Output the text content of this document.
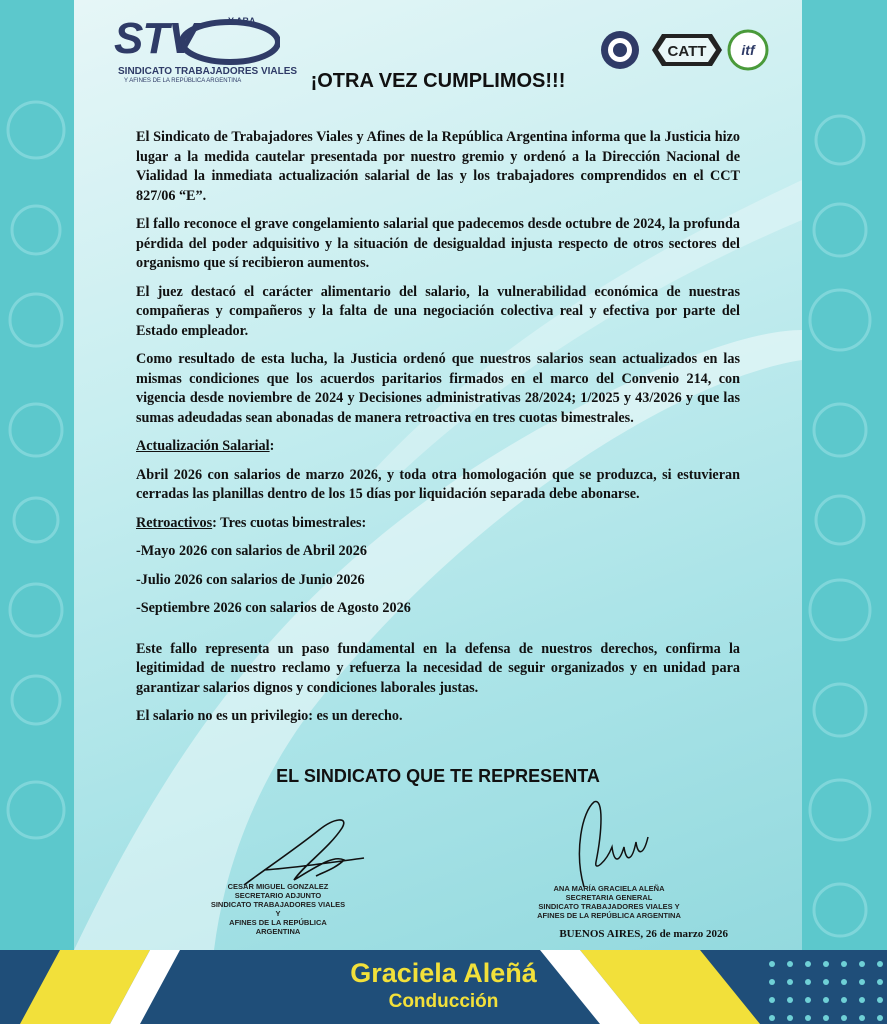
STV	Y ABA
SINDICATO TRABAJADORES VIALES
Y AFINES DE LA REPÚBLICA ARGENTINA
CATT itf
¡OTRA VEZ CUMPLIMOS!!!

El Sindicato de Trabajadores Viales y Afines de la República Argentina informa que la Justicia hizo lugar a la medida cautelar presentada por nuestro gremio y ordenó a la Dirección Nacional de Vialidad la inmediata actualización salarial de las y los trabajadores comprendidos en el CCT 827/06 “E”.

El fallo reconoce el grave congelamiento salarial que padecemos desde octubre de 2024, la profunda pérdida del poder adquisitivo y la situación de desigualdad injusta respecto de otros sectores del organismo que sí recibieron aumentos.

El juez destacó el carácter alimentario del salario, la vulnerabilidad económica de nuestras compañeras y compañeros y la falta de una negociación colectiva real y efectiva por parte del Estado empleador.

Como resultado de esta lucha, la Justicia ordenó que nuestros salarios sean actualizados en las mismas condiciones que los acuerdos paritarios firmados en el marco del Convenio 214, con vigencia desde noviembre de 2024 y Decisiones administrativas 28/2024; 1/2025 y 43/2026 y que las sumas adeudadas sean abonadas de manera retroactiva en tres cuotas bimestrales.

Actualización Salarial:

Abril 2026 con salarios de marzo 2026, y toda otra homologación que se produzca, si estuvieran cerradas las planillas dentro de los 15 días por liquidación separada debe abonarse.

Retroactivos: Tres cuotas bimestrales:

-Mayo 2026 con salarios de Abril 2026

-Julio 2026 con salarios de Junio 2026

-Septiembre 2026 con salarios de Agosto 2026

Este fallo representa un paso fundamental en la defensa de nuestros derechos, confirma la legitimidad de nuestro reclamo y refuerza la necesidad de seguir organizados y en unidad para garantizar salarios dignos y condiciones laborales justas.

El salario no es un privilegio: es un derecho.

EL SINDICATO QUE TE REPRESENTA
CESAR MIGUEL GONZALEZ
SECRETARIO ADJUNTO
SINDICATO TRABAJADORES VIALES Y
AFINES DE LA REPÚBLICA ARGENTINA
ANA MARÍA GRACIELA ALEÑA
SECRETARIA GENERAL
SINDICATO TRABAJADORES VIALES Y
AFINES DE LA REPÚBLICA ARGENTINA
BUENOS AIRES, 26 de marzo 2026
Graciela Aleñá
Conducción
